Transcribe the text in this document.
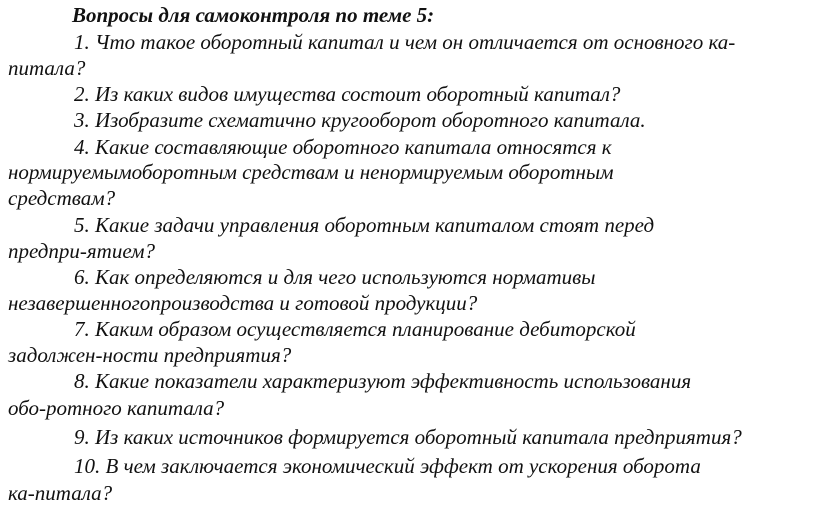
Вопросы для самоконтроля по теме 5:
1. Что такое оборотный капитал и чем он отличается от основного ка-
питала?
2. Из каких видов имущества состоит оборотный капитал?
3. Изобразите схематично кругооборот оборотного капитала.
4. Какие составляющие оборотного капитала относятся к
нормируемымоборотным средствам и ненормируемым оборотным
средствам?
5. Какие задачи управления оборотным капиталом стоят перед
предпри-ятием?
6. Как определяются и для чего используются нормативы
незавершенногопроизводства и готовой продукции?
7. Каким образом осуществляется планирование дебиторской
задолжен-ности предприятия?
8. Какие показатели характеризуют эффективность использования
обо-ротного капитала?
9. Из каких источников формируется оборотный капитала предприятия?
10. В чем заключается экономический эффект от ускорения оборота
ка-питала?
